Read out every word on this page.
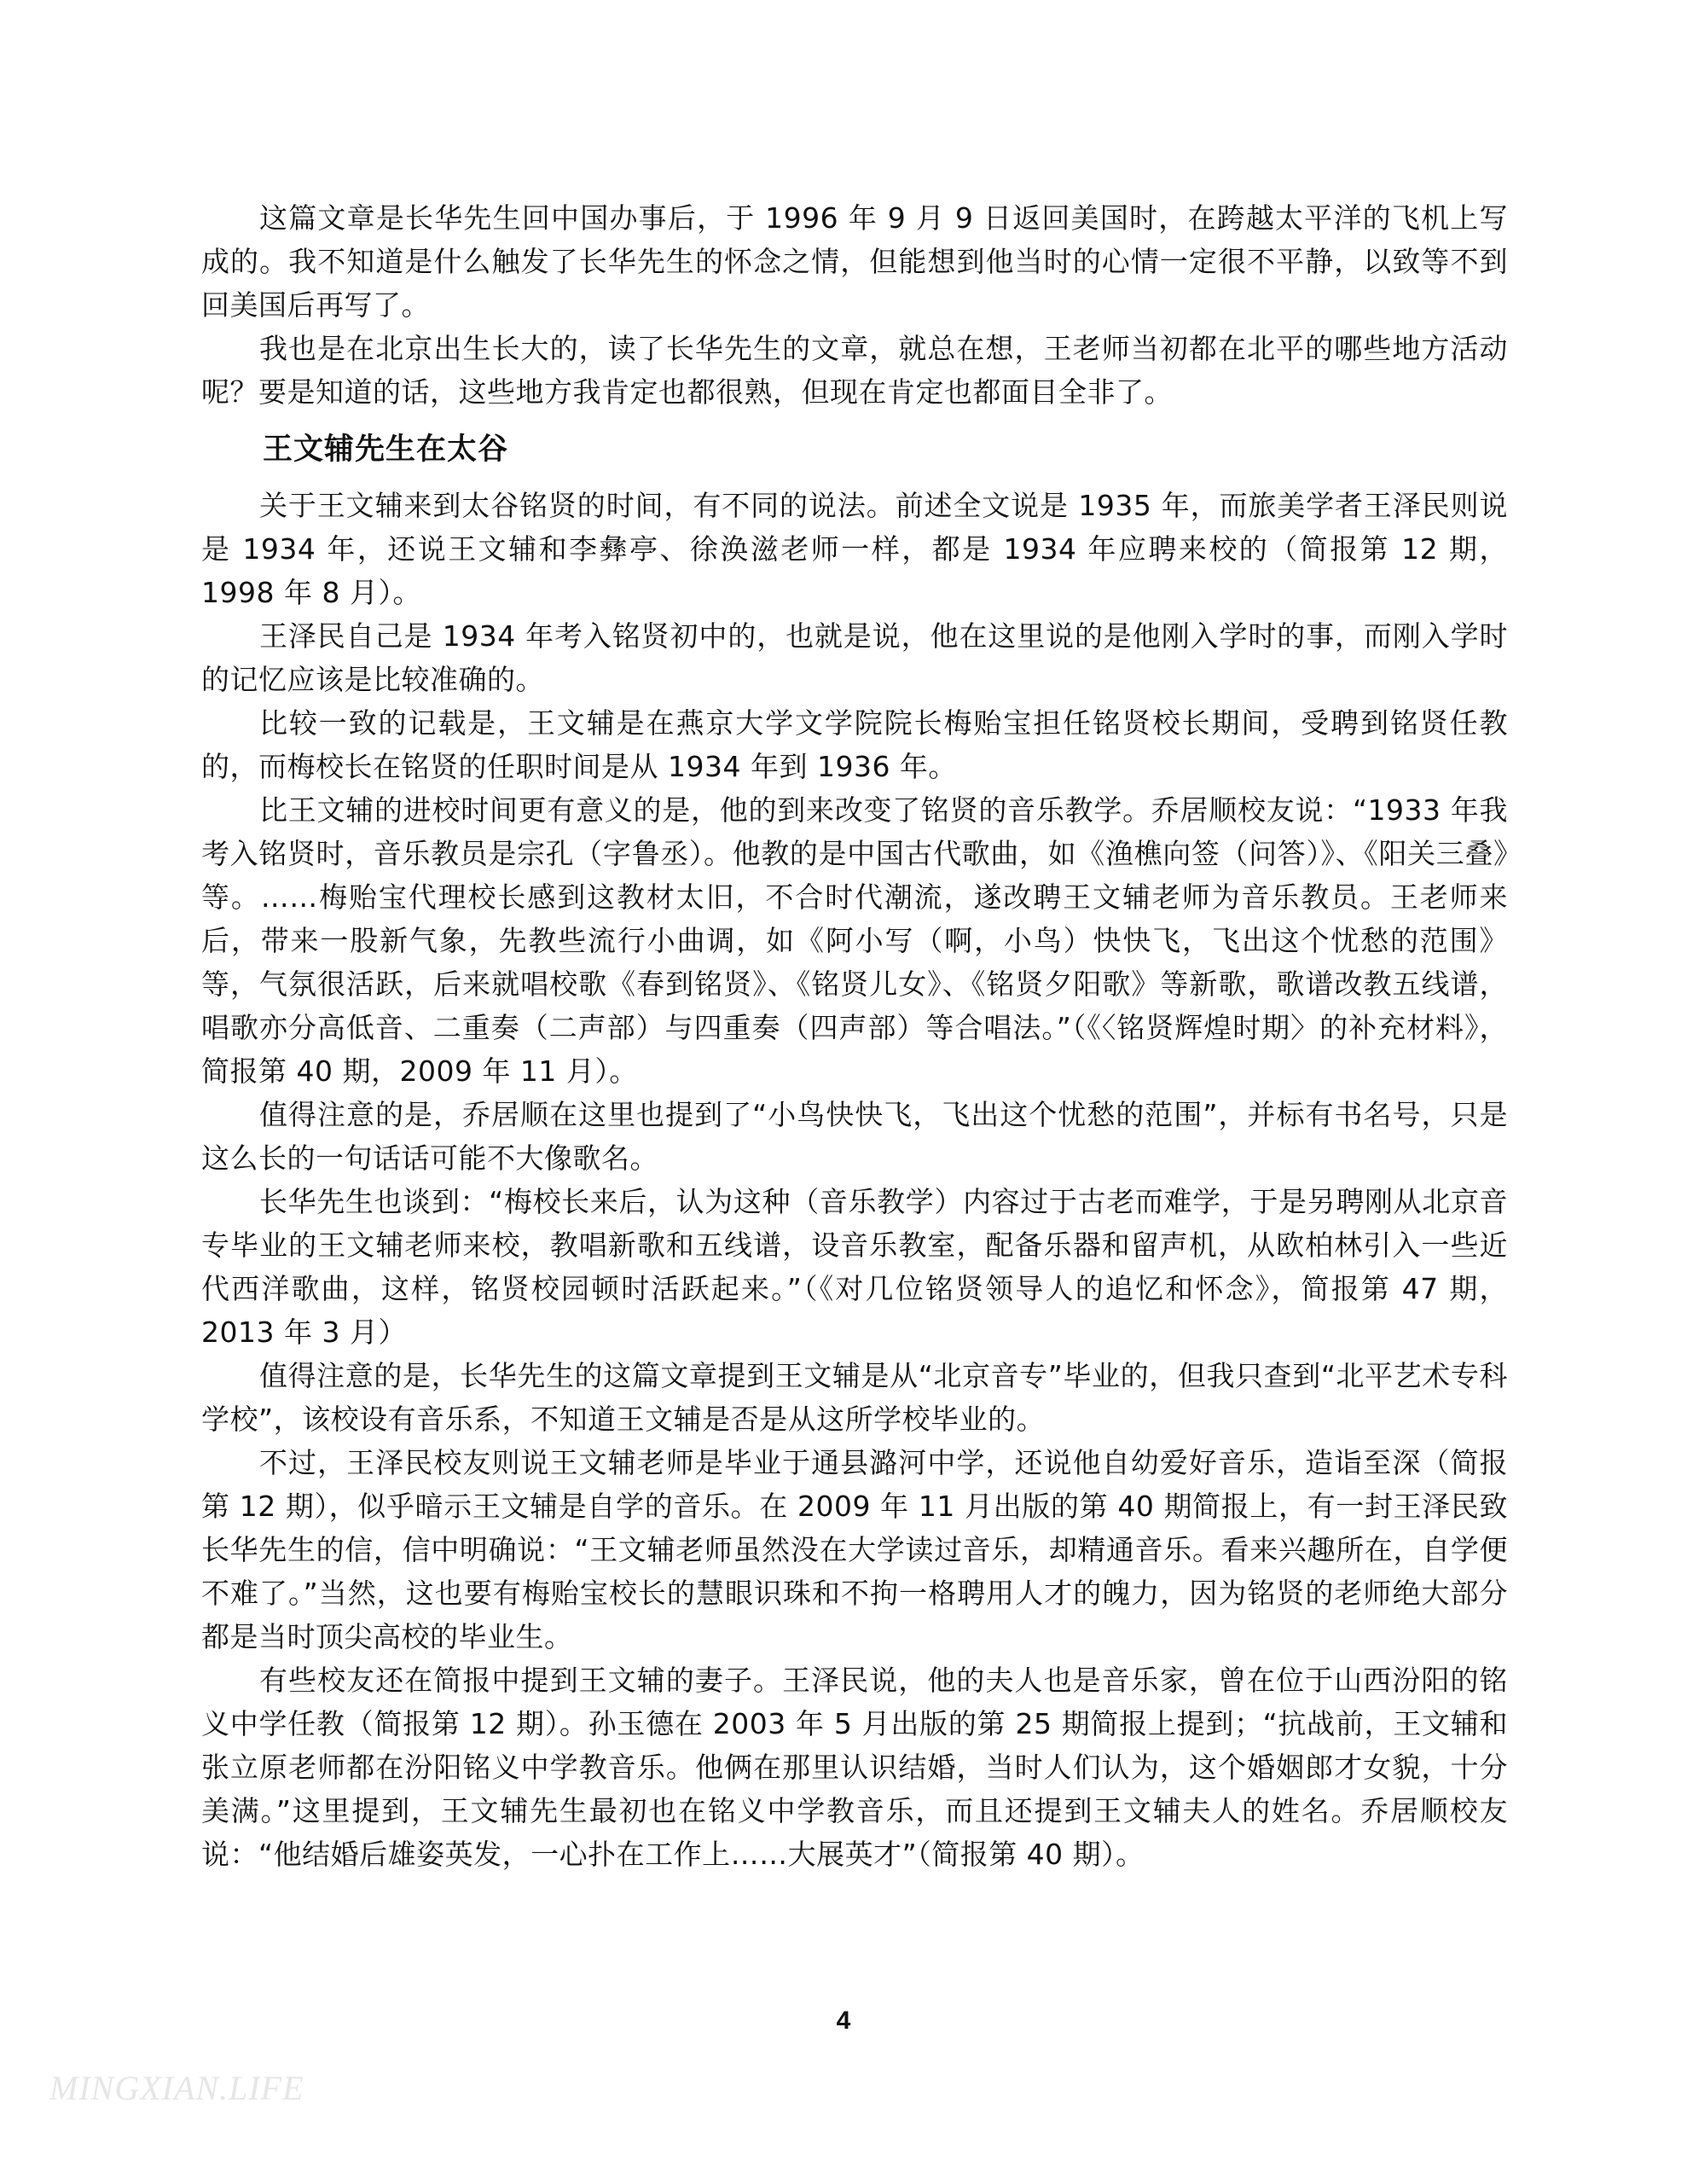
这篇文章是长华先生回中国办事后，于 1996 年 9 月 9 日返回美国时，在跨越太平洋的飞机上写成的。我不知道是什么触发了长华先生的怀念之情，但能想到他当时的心情一定很不平静，以致等不到回美国后再写了。

我也是在北京出生长大的，读了长华先生的文章，就总在想，王老师当初都在北平的哪些地方活动呢？要是知道的话，这些地方我肯定也都很熟，但现在肯定也都面目全非了。

王文辅先生在太谷

关于王文辅来到太谷铭贤的时间，有不同的说法。前述全文说是 1935 年，而旅美学者王泽民则说是 1934 年，还说王文辅和李彝亭、徐涣滋老师一样，都是 1934 年应聘来校的（简报第 12 期，1998 年 8 月）。

王泽民自己是 1934 年考入铭贤初中的，也就是说，他在这里说的是他刚入学时的事，而刚入学时的记忆应该是比较准确的。

比较一致的记载是，王文辅是在燕京大学文学院院长梅贻宝担任铭贤校长期间，受聘到铭贤任教的，而梅校长在铭贤的任职时间是从 1934 年到 1936 年。

比王文辅的进校时间更有意义的是，他的到来改变了铭贤的音乐教学。乔居顺校友说：“1933 年我考入铭贤时，音乐教员是宗孔（字鲁丞）。他教的是中国古代歌曲，如《渔樵向签（问答）》、《阳关三叠》等。……梅贻宝代理校长感到这教材太旧，不合时代潮流，遂改聘王文辅老师为音乐教员。王老师来后，带来一股新气象，先教些流行小曲调，如《阿小写（啊，小鸟）快快飞，飞出这个忧愁的范围》等，气氛很活跃，后来就唱校歌《春到铭贤》、《铭贤儿女》、《铭贤夕阳歌》等新歌，歌谱改教五线谱，唱歌亦分高低音、二重奏（二声部）与四重奏（四声部）等合唱法。”（《〈铭贤辉煌时期〉的补充材料》，简报第 40 期，2009 年 11 月）。

值得注意的是，乔居顺在这里也提到了“小鸟快快飞，飞出这个忧愁的范围”，并标有书名号，只是这么长的一句话话可能不大像歌名。

长华先生也谈到：“梅校长来后，认为这种（音乐教学）内容过于古老而难学，于是另聘刚从北京音专毕业的王文辅老师来校，教唱新歌和五线谱，设音乐教室，配备乐器和留声机，从欧柏林引入一些近代西洋歌曲，这样，铭贤校园顿时活跃起来。”（《对几位铭贤领导人的追忆和怀念》，简报第 47 期，2013 年 3 月）

值得注意的是，长华先生的这篇文章提到王文辅是从“北京音专”毕业的，但我只查到“北平艺术专科学校”，该校设有音乐系，不知道王文辅是否是从这所学校毕业的。

不过，王泽民校友则说王文辅老师是毕业于通县潞河中学，还说他自幼爱好音乐，造诣至深（简报第 12 期），似乎暗示王文辅是自学的音乐。在 2009 年 11 月出版的第 40 期简报上，有一封王泽民致长华先生的信，信中明确说：“王文辅老师虽然没在大学读过音乐，却精通音乐。看来兴趣所在，自学便不难了。”当然，这也要有梅贻宝校长的慧眼识珠和不拘一格聘用人才的魄力，因为铭贤的老师绝大部分都是当时顶尖高校的毕业生。

有些校友还在简报中提到王文辅的妻子。王泽民说，他的夫人也是音乐家，曾在位于山西汾阳的铭义中学任教（简报第 12 期）。孙玉德在 2003 年 5 月出版的第 25 期简报上提到；“抗战前，王文辅和张立原老师都在汾阳铭义中学教音乐。他俩在那里认识结婚，当时人们认为，这个婚姻郎才女貌，十分美满。”这里提到，王文辅先生最初也在铭义中学教音乐，而且还提到王文辅夫人的姓名。乔居顺校友说：“他结婚后雄姿英发，一心扑在工作上……大展英才”（简报第 40 期）。

4
MINGXIAN.LIFE
